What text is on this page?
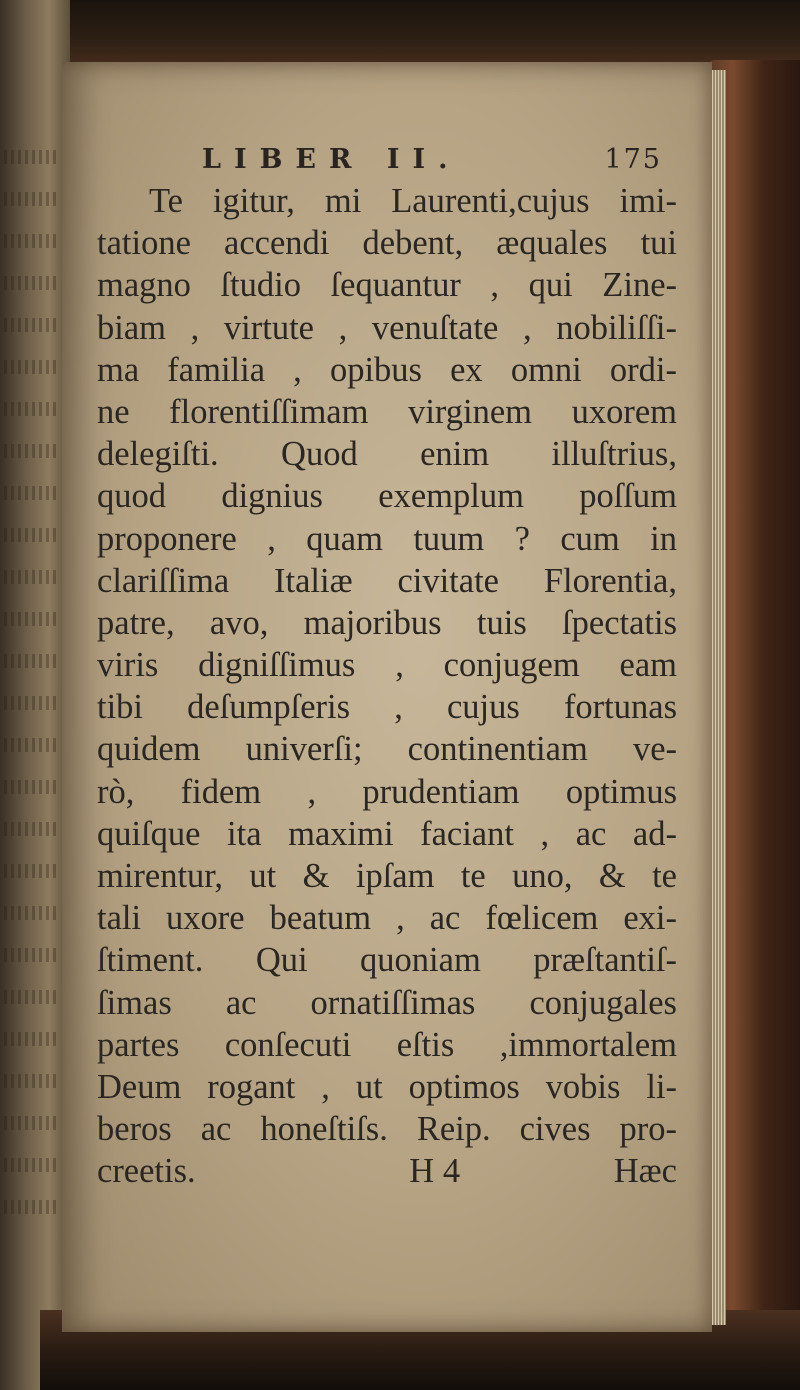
LIBER II.	175
Te igitur, mi Laurenti,cujus imi-
tatione accendi debent, æquales tui
magno ſtudio ſequantur , qui Zine-
biam , virtute , venuſtate , nobiliſſi-
ma familia , opibus ex omni ordi-
ne florentiſſimam virginem uxorem
delegiſti. Quod enim illuſtrius,
quod dignius exemplum poſſum
proponere , quam tuum ? cum in
clariſſima Italiæ civitate Florentia,
patre, avo, majoribus tuis ſpectatis
viris digniſſimus , conjugem eam
tibi deſumpſeris , cujus fortunas
quidem univerſi; continentiam ve-
rò, fidem , prudentiam optimus
quiſque ita maximi faciant , ac ad-
mirentur, ut & ipſam te uno, & te
tali uxore beatum , ac fœlicem exi-
ſtiment. Qui quoniam præſtantiſ-
ſimas ac ornatiſſimas conjugales
partes conſecuti eſtis ,immortalem
Deum rogant , ut optimos vobis li-
beros ac honeſtiſs. Reip. cives pro-
creetis.	H 4	Hæc
